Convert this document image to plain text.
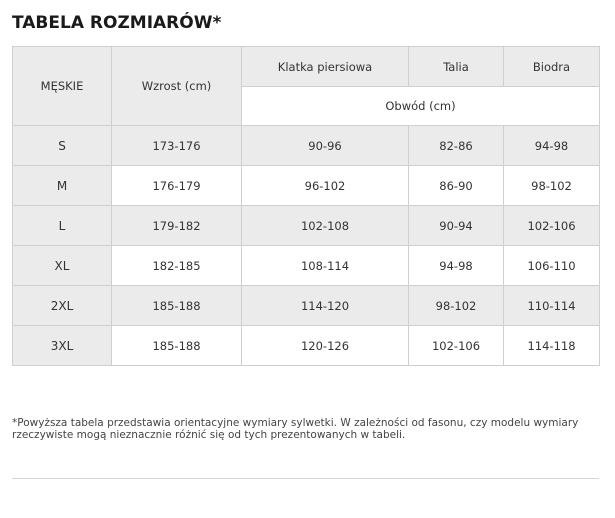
TABELA ROZMIARÓW*
MĘSKIE	Wzrost (cm)	Klatka piersiowa	Talia	Biodra
		Obwód (cm)		
S	173-176	90-96	82-86	94-98
M	176-179	96-102	86-90	98-102
L	179-182	102-108	90-94	102-106
XL	182-185	108-114	94-98	106-110
2XL	185-188	114-120	98-102	110-114
3XL	185-188	120-126	102-106	114-118
*Powyższa tabela przedstawia orientacyjne wymiary sylwetki. W zależności od fasonu, czy modelu wymiary
rzeczywiste mogą nieznacznie różnić się od tych prezentowanych w tabeli.
